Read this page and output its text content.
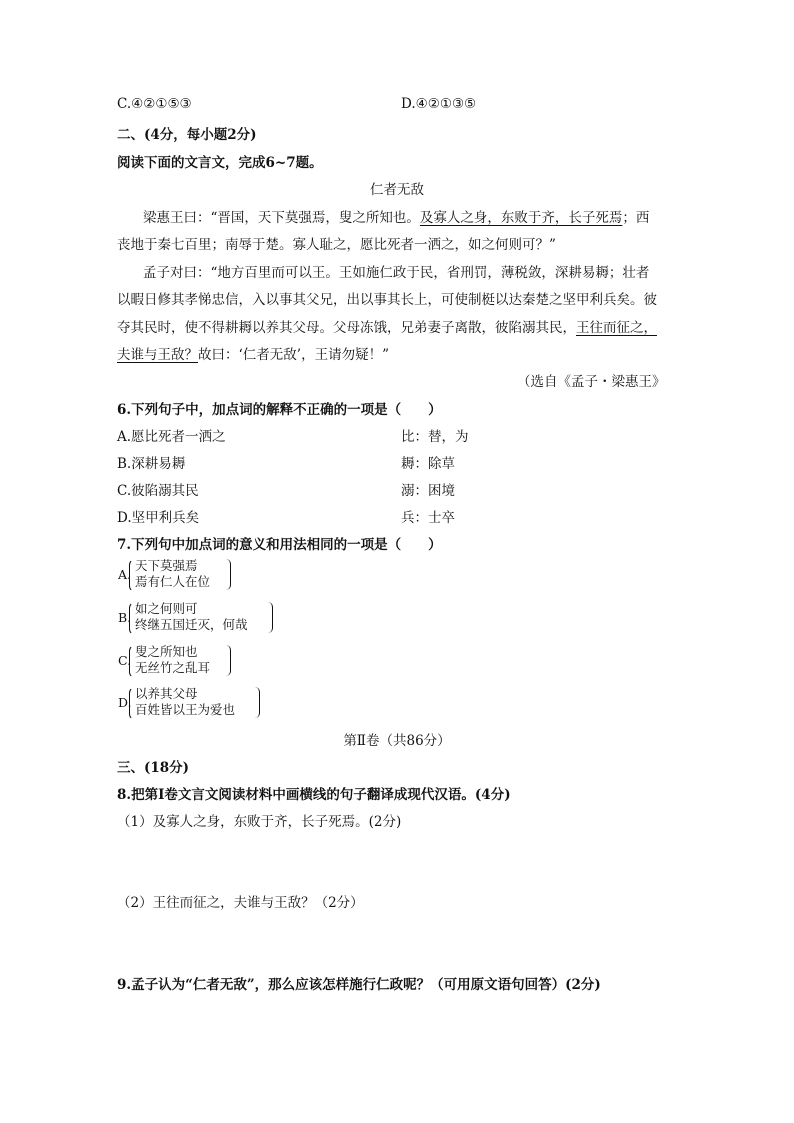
C.④②①⑤③	D.④②①③⑤
二、(4分，每小题2分)
阅读下面的文言文，完成6~7题。
仁者无敌
梁惠王曰：“晋国，天下莫强焉，叟之所知也。及寡人之身，东败于齐，长子死焉；西
丧地于秦七百里；南辱于楚。寡人耻之，愿比死者一洒之，如之何则可？”
孟子对曰：“地方百里而可以王。王如施仁政于民，省刑罚，薄税敛，深耕易耨；壮者
以暇日修其孝悌忠信，入以事其父兄，出以事其长上，可使制梃以达秦楚之坚甲利兵矣。彼
夺其民时，使不得耕耨以养其父母。父母冻饿，兄弟妻子离散，彼陷溺其民，王往而征之，
夫谁与王敌？故曰：‘仁者无敌’，王请勿疑！”
（选自《孟子・梁惠王》
6.下列句子中，加点词的解释不正确的一项是（　　）
A.愿比死者一洒之	比：替，为
B.深耕易耨	耨：除草
C.彼陷溺其民	溺：困境
D.坚甲利兵矣	兵：士卒
7.下列句中加点词的意义和用法相同的一项是（　　）
A.
天下莫强焉
焉有仁人在位
B.
如之何则可
终继五国迁灭，何哉
C.
叟之所知也
无丝竹之乱耳
D.
以养其父母
百姓皆以王为爱也
第Ⅱ卷（共86分）
三、(18分)
8.把第Ⅰ卷文言文阅读材料中画横线的句子翻译成现代汉语。(4分)
（1）及寡人之身，东败于齐，长子死焉。(2分)
（2）王往而征之，夫谁与王敌？（2分）
9.孟子认为“仁者无敌”，那么应该怎样施行仁政呢？（可用原文语句回答）(2分)
